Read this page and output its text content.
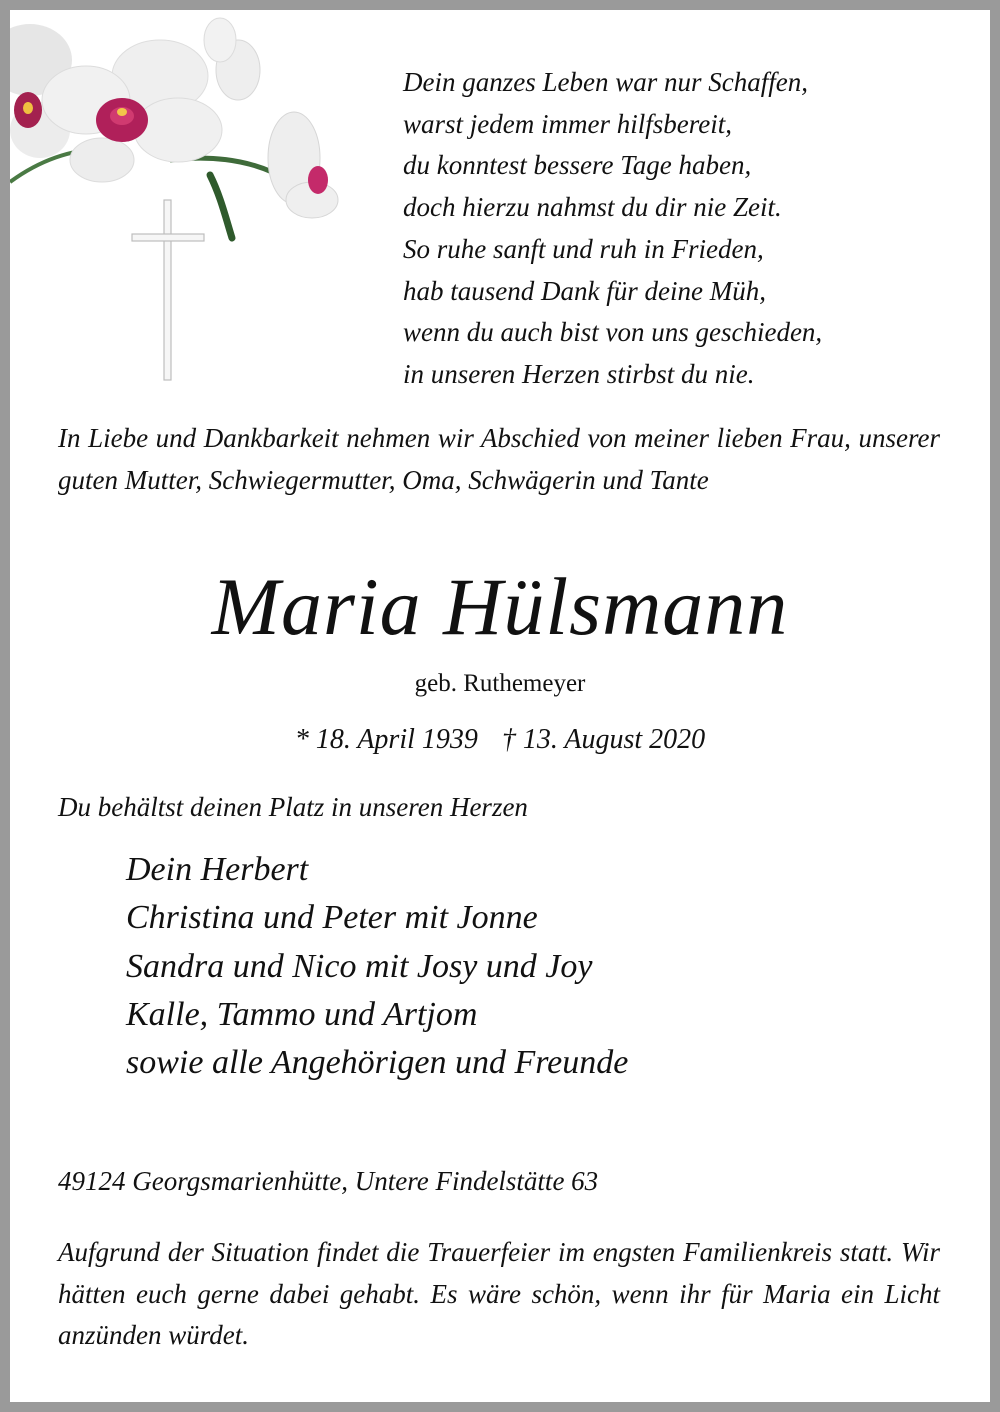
Dein ganzes Leben war nur Schaffen,
warst jedem immer hilfsbereit,
du konntest bessere Tage haben,
doch hierzu nahmst du dir nie Zeit.
So ruhe sanft und ruh in Frieden,
hab tausend Dank für deine Müh,
wenn du auch bist von uns geschieden,
in unseren Herzen stirbst du nie.
In Liebe und Dankbarkeit nehmen wir Abschied von meiner lieben Frau, unserer guten Mutter, Schwiegermutter, Oma, Schwägerin und Tante
Maria Hülsmann
geb. Ruthemeyer
* 18. April 1939 † 13. August 2020
Du behältst deinen Platz in unseren Herzen
Dein Herbert
Christina und Peter mit Jonne
Sandra und Nico mit Josy und Joy
Kalle, Tammo und Artjom
sowie alle Angehörigen und Freunde
49124 Georgsmarienhütte, Untere Findelstätte 63
Aufgrund der Situation findet die Trauerfeier im engsten Familienkreis statt. Wir hätten euch gerne dabei gehabt. Es wäre schön, wenn ihr für Maria ein Licht anzünden würdet.
